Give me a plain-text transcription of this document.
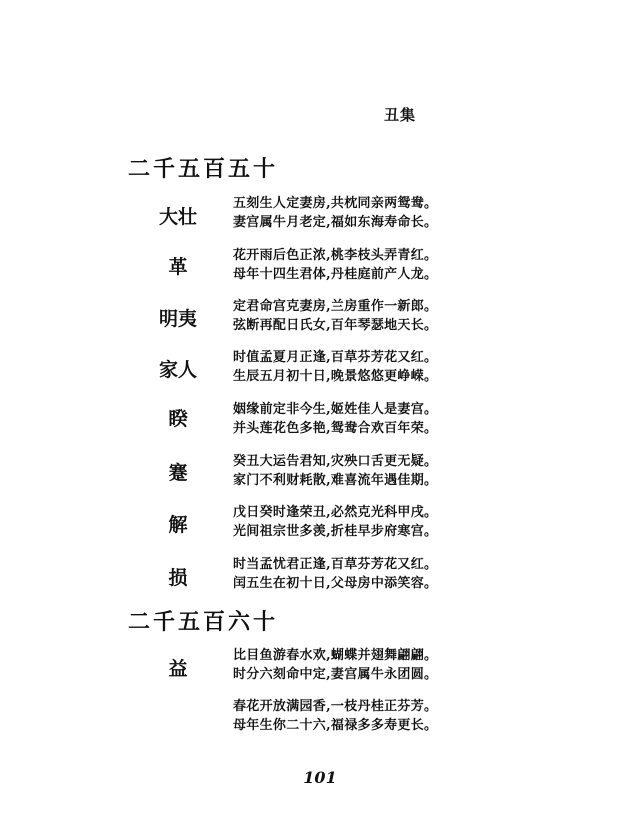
丑集
二千五百五十
大壮
五刻生人定妻房,共枕同亲两鸳鸯。
妻宫属牛月老定,福如东海寿命长。
革
花开雨后色正浓,桃李枝头弄青红。
母年十四生君体,丹桂庭前产人龙。
明夷
定君命宫克妻房,兰房重作一新郎。
弦断再配日氏女,百年琴瑟地天长。
家人
时值孟夏月正逢,百草芬芳花又红。
生辰五月初十日,晚景悠悠更峥嵘。
睽	姻缘前定非今生,姬姓佳人是妻宫。
并头莲花色多艳,鸳鸯合欢百年荣。
蹇
癸丑大运告君知,灾殃口舌更无疑。
家门不利财耗散,难喜流年遇佳期。
解
戊日癸时逢荣丑,必然克光科甲戌。
光间祖宗世多羡,折桂早步府寒宫。
损
时当孟忧君正逢,百草芬芳花又红。
闰五生在初十日,父母房中添笑容。
二千五百六十
益
比目鱼游春水欢,蝴蝶并翅舞翩翩。
时分六刻命中定,妻宫属牛永团圆。
春花开放满园香,一枝丹桂正芬芳。
母年生你二十六,福禄多多寿更长。
101
